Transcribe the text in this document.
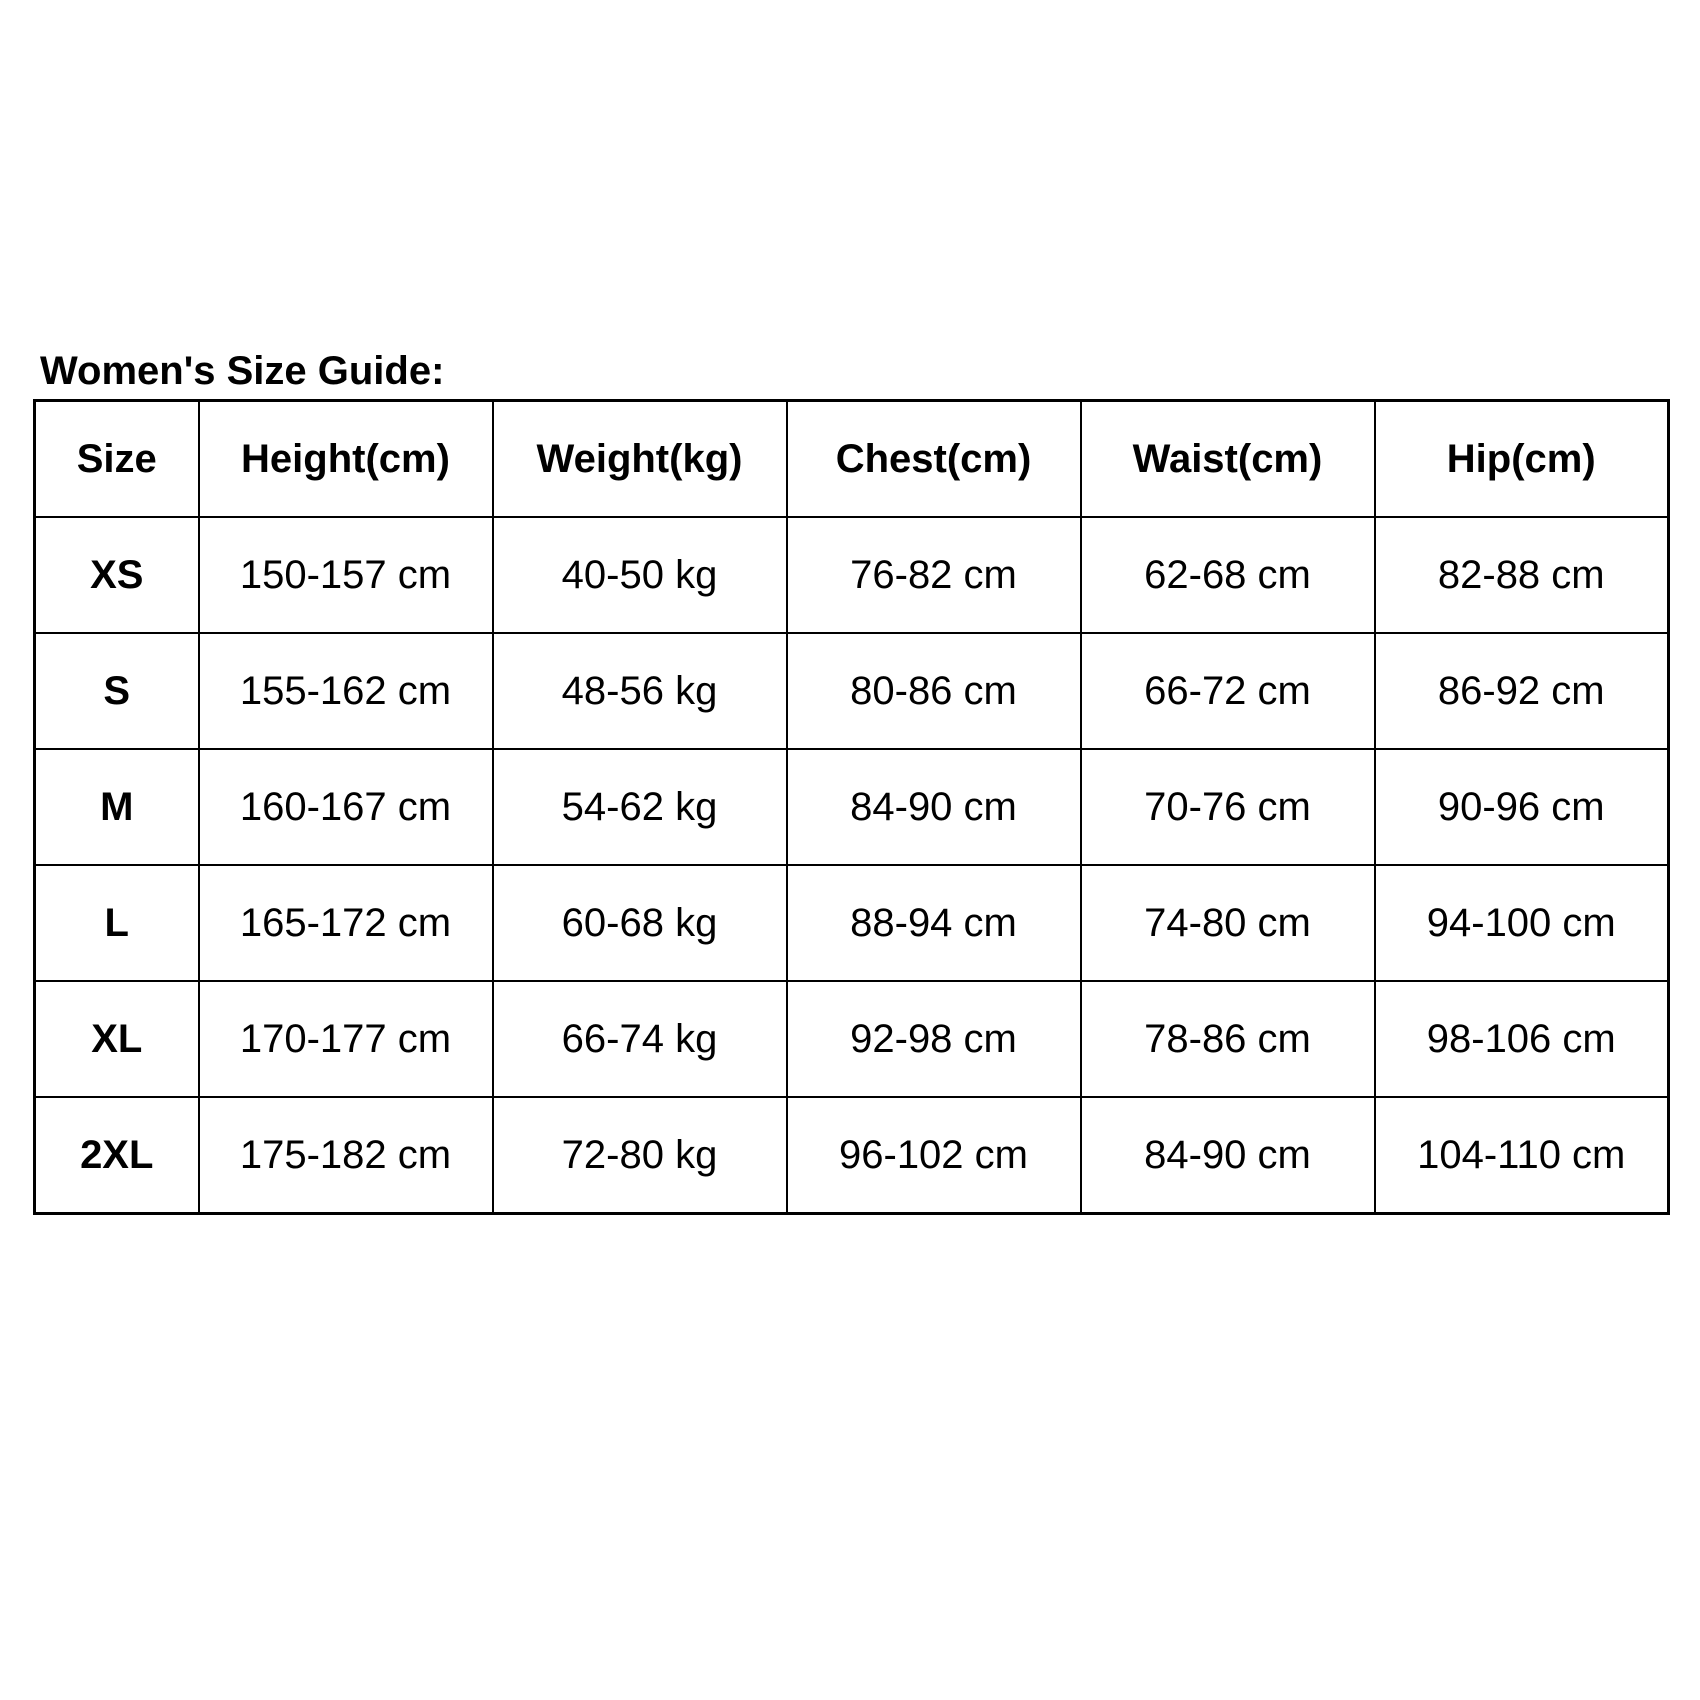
Women's Size Guide:
Size	Height(cm)	Weight(kg)	Chest(cm)	Waist(cm)	Hip(cm)
XS	150-157 cm	40-50 kg	76-82 cm	62-68 cm	82-88 cm
S	155-162 cm	48-56 kg	80-86 cm	66-72 cm	86-92 cm
M	160-167 cm	54-62 kg	84-90 cm	70-76 cm	90-96 cm
L	165-172 cm	60-68 kg	88-94 cm	74-80 cm	94-100 cm
XL	170-177 cm	66-74 kg	92-98 cm	78-86 cm	98-106 cm
2XL	175-182 cm	72-80 kg	96-102 cm	84-90 cm	104-110 cm
